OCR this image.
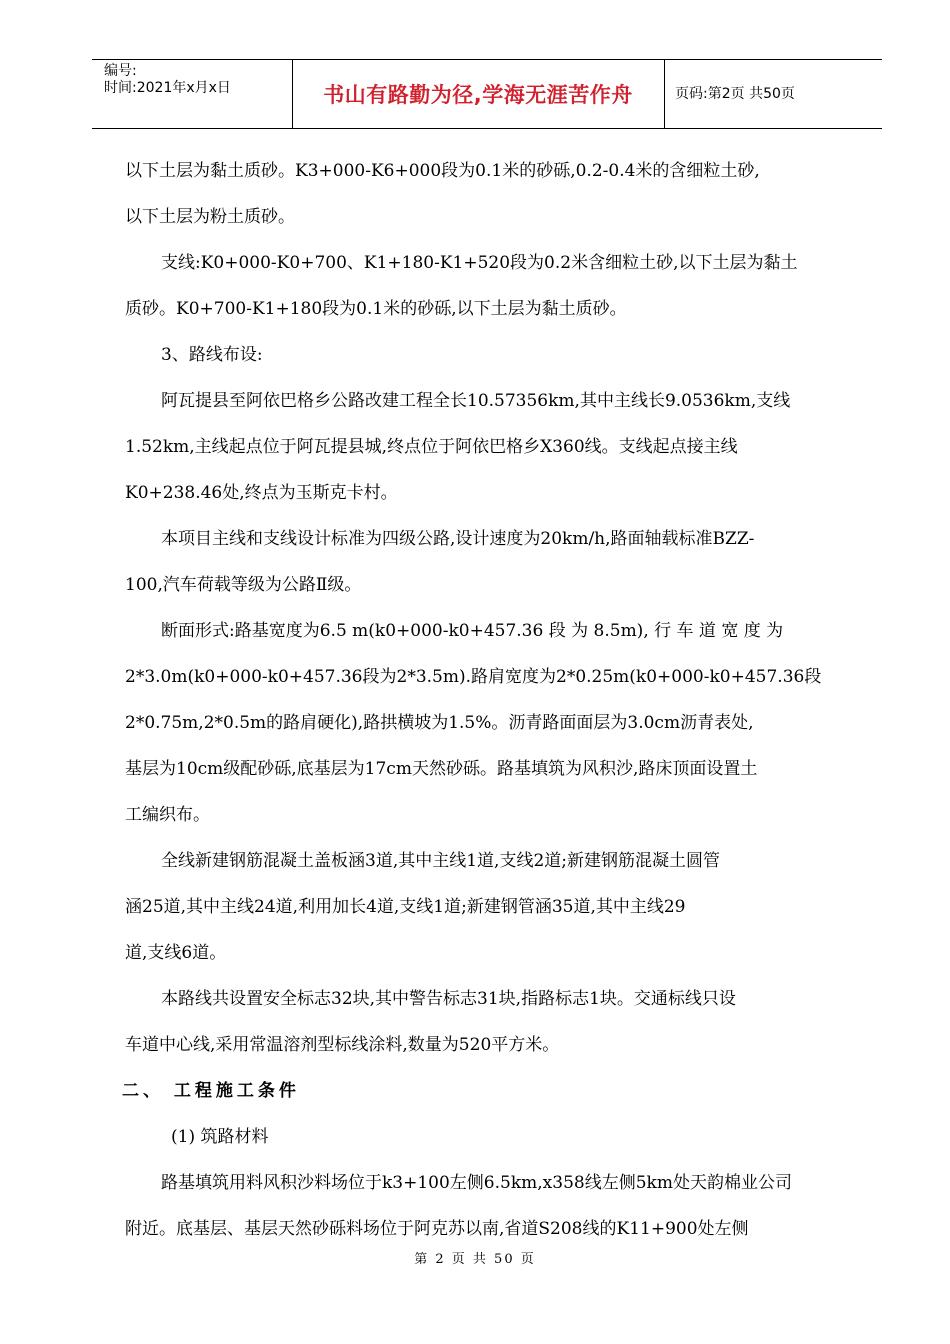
编号:
时间:2021年x月x日	书山有路勤为径,学海无涯苦作舟	页码:第2页 共50页
以下土层为黏土质砂。K3+000-K6+000段为0.1米的砂砾,0.2-0.4米的含细粒土砂,
以下土层为粉土质砂。
支线:K0+000-K0+700、K1+180-K1+520段为0.2米含细粒土砂,以下土层为黏土
质砂。K0+700-K1+180段为0.1米的砂砾,以下土层为黏土质砂。
3、路线布设:
阿瓦提县至阿依巴格乡公路改建工程全长10.57356km,其中主线长9.0536km,支线
1.52km,主线起点位于阿瓦提县城,终点位于阿依巴格乡X360线。支线起点接主线
K0+238.46处,终点为玉斯克卡村。
本项目主线和支线设计标准为四级公路,设计速度为20km/h,路面轴载标准BZZ-
100,汽车荷载等级为公路Ⅱ级。
断面形式:路基宽度为6.5 m(k0+000-k0+457.36 段 为 8.5m), 行 车 道 宽 度 为
2*3.0m(k0+000-k0+457.36段为2*3.5m).路肩宽度为2*0.25m(k0+000-k0+457.36段
2*0.75m,2*0.5m的路肩硬化),路拱横坡为1.5%。沥青路面面层为3.0cm沥青表处,
基层为10cm级配砂砾,底基层为17cm天然砂砾。路基填筑为风积沙,路床顶面设置土
工编织布。
全线新建钢筋混凝土盖板涵3道,其中主线1道,支线2道;新建钢筋混凝土圆管
涵25道,其中主线24道,利用加长4道,支线1道;新建钢管涵35道,其中主线29
道,支线6道。
本路线共设置安全标志32块,其中警告标志31块,指路标志1块。交通标线只设
车道中心线,采用常温溶剂型标线涂料,数量为520平方米。
二、 工程施工条件
(1) 筑路材料
路基填筑用料风积沙料场位于k3+100左侧6.5km,x358线左侧5km处天韵棉业公司
附近。底基层、基层天然砂砾料场位于阿克苏以南,省道S208线的K11+900处左侧
第 2 页 共 50 页
